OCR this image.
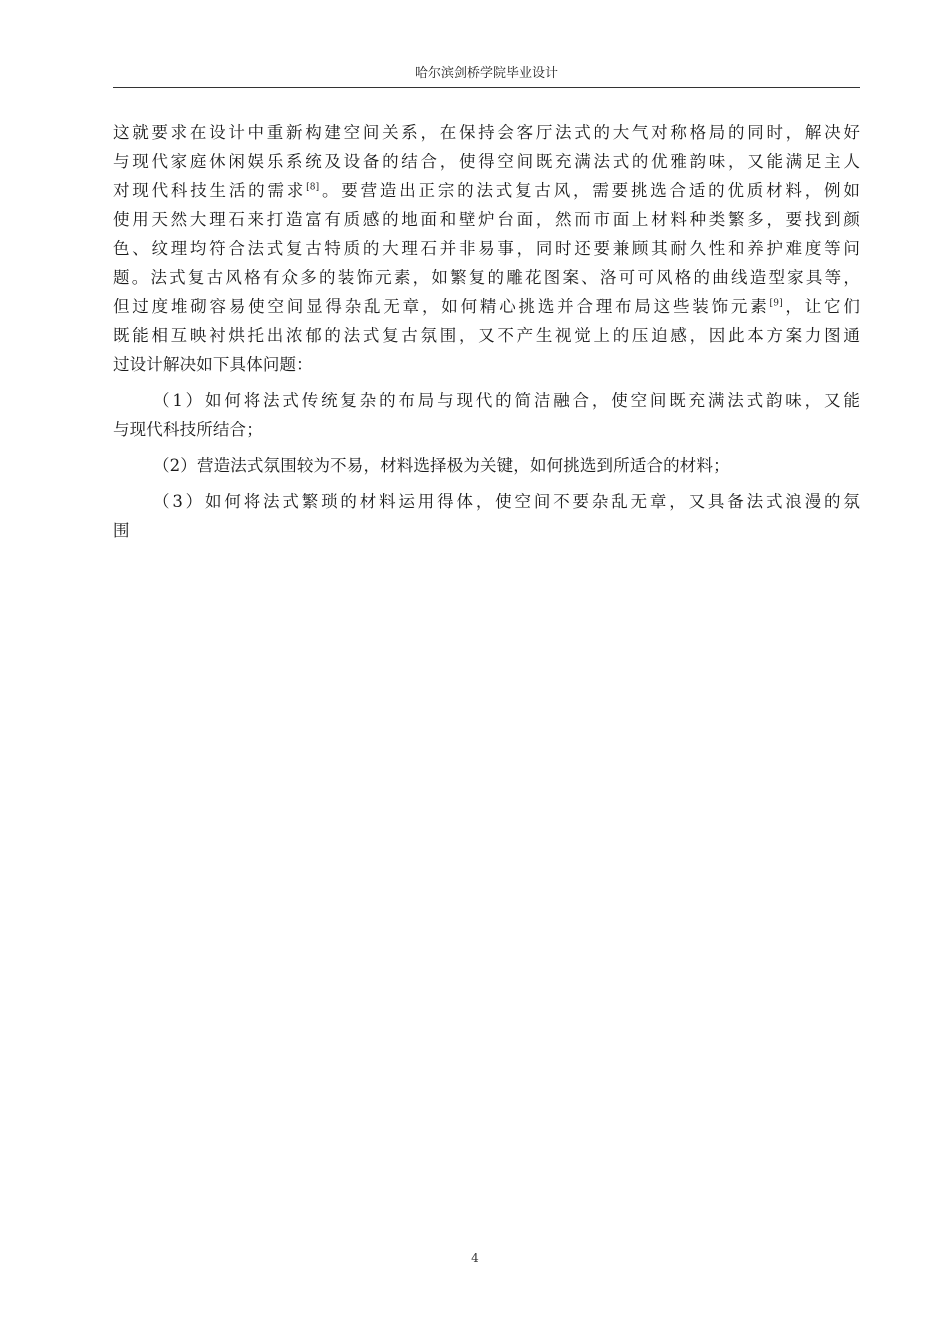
哈尔滨剑桥学院毕业设计
这就要求在设计中重新构建空间关系，在保持会客厅法式的大气对称格局的同时，解决好
与现代家庭休闲娱乐系统及设备的结合，使得空间既充满法式的优雅韵味，又能满足主人
对现代科技生活的需求[8]。要营造出正宗的法式复古风，需要挑选合适的优质材料，例如
使用天然大理石来打造富有质感的地面和壁炉台面，然而市面上材料种类繁多，要找到颜
色、纹理均符合法式复古特质的大理石并非易事，同时还要兼顾其耐久性和养护难度等问
题。法式复古风格有众多的装饰元素，如繁复的雕花图案、洛可可风格的曲线造型家具等，
但过度堆砌容易使空间显得杂乱无章，如何精心挑选并合理布局这些装饰元素[9]，让它们
既能相互映衬烘托出浓郁的法式复古氛围，又不产生视觉上的压迫感，因此本方案力图通
过设计解决如下具体问题：
（1）如何将法式传统复杂的布局与现代的简洁融合，使空间既充满法式韵味，又能
与现代科技所结合；
（2）营造法式氛围较为不易，材料选择极为关键，如何挑选到所适合的材料；
（3）如何将法式繁琐的材料运用得体，使空间不要杂乱无章，又具备法式浪漫的氛
围
4
